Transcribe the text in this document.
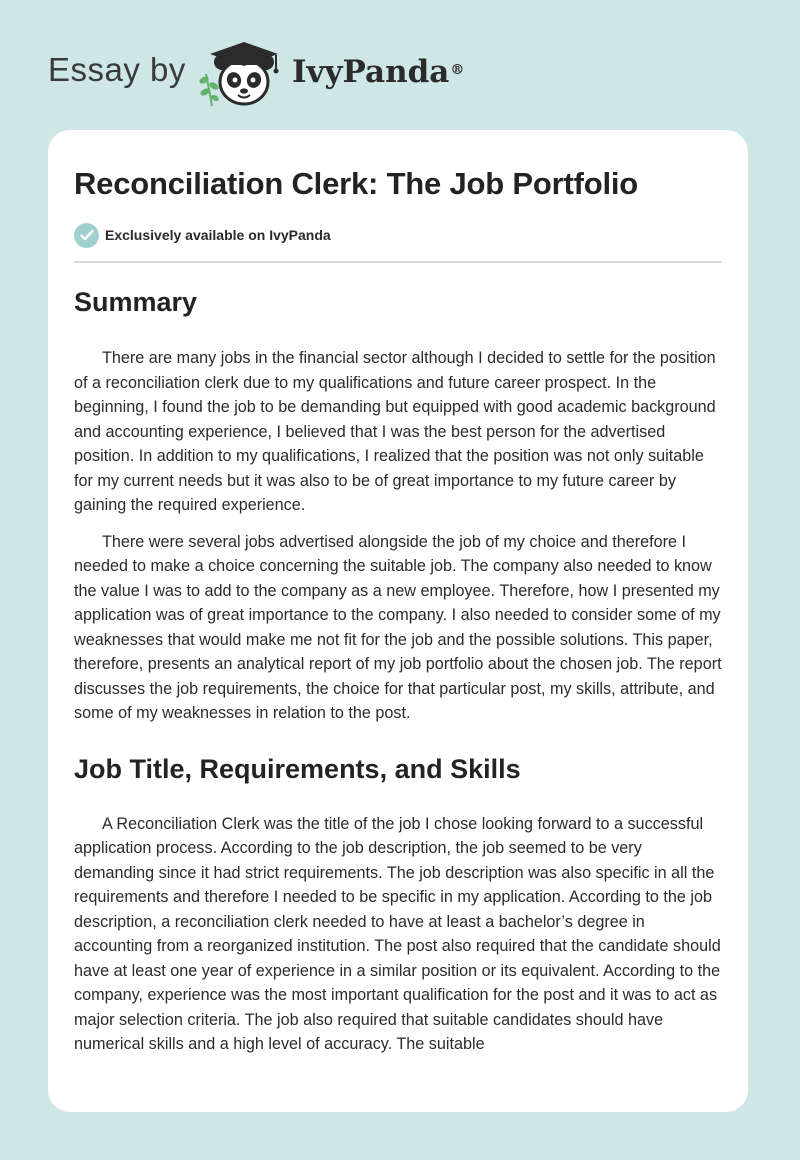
Essay by	IvyPanda®
Reconciliation Clerk: The Job Portfolio
Exclusively available on IvyPanda
Summary

There are many jobs in the financial sector although I decided to settle for the position of a reconciliation clerk due to my qualifications and future career prospect. In the beginning, I found the job to be demanding but equipped with good academic background and accounting experience, I believed that I was the best person for the advertised position. In addition to my qualifications, I realized that the position was not only suitable for my current needs but it was also to be of great importance to my future career by gaining the required experience.

There were several jobs advertised alongside the job of my choice and therefore I needed to make a choice concerning the suitable job. The company also needed to know the value I was to add to the company as a new employee. Therefore, how I presented my application was of great importance to the company. I also needed to consider some of my weaknesses that would make me not fit for the job and the possible solutions. This paper, therefore, presents an analytical report of my job portfolio about the chosen job. The report discusses the job requirements, the choice for that particular post, my skills, attribute, and some of my weaknesses in relation to the post.

Job Title, Requirements, and Skills

A Reconciliation Clerk was the title of the job I chose looking forward to a successful application process. According to the job description, the job seemed to be very demanding since it had strict requirements. The job description was also specific in all the requirements and therefore I needed to be specific in my application. According to the job description, a reconciliation clerk needed to have at least a bachelor’s degree in accounting from a reorganized institution. The post also required that the candidate should have at least one year of experience in a similar position or its equivalent. According to the company, experience was the most important qualification for the post and it was to act as major selection criteria. The job also required that suitable candidates should have numerical skills and a high level of accuracy. The suitable
